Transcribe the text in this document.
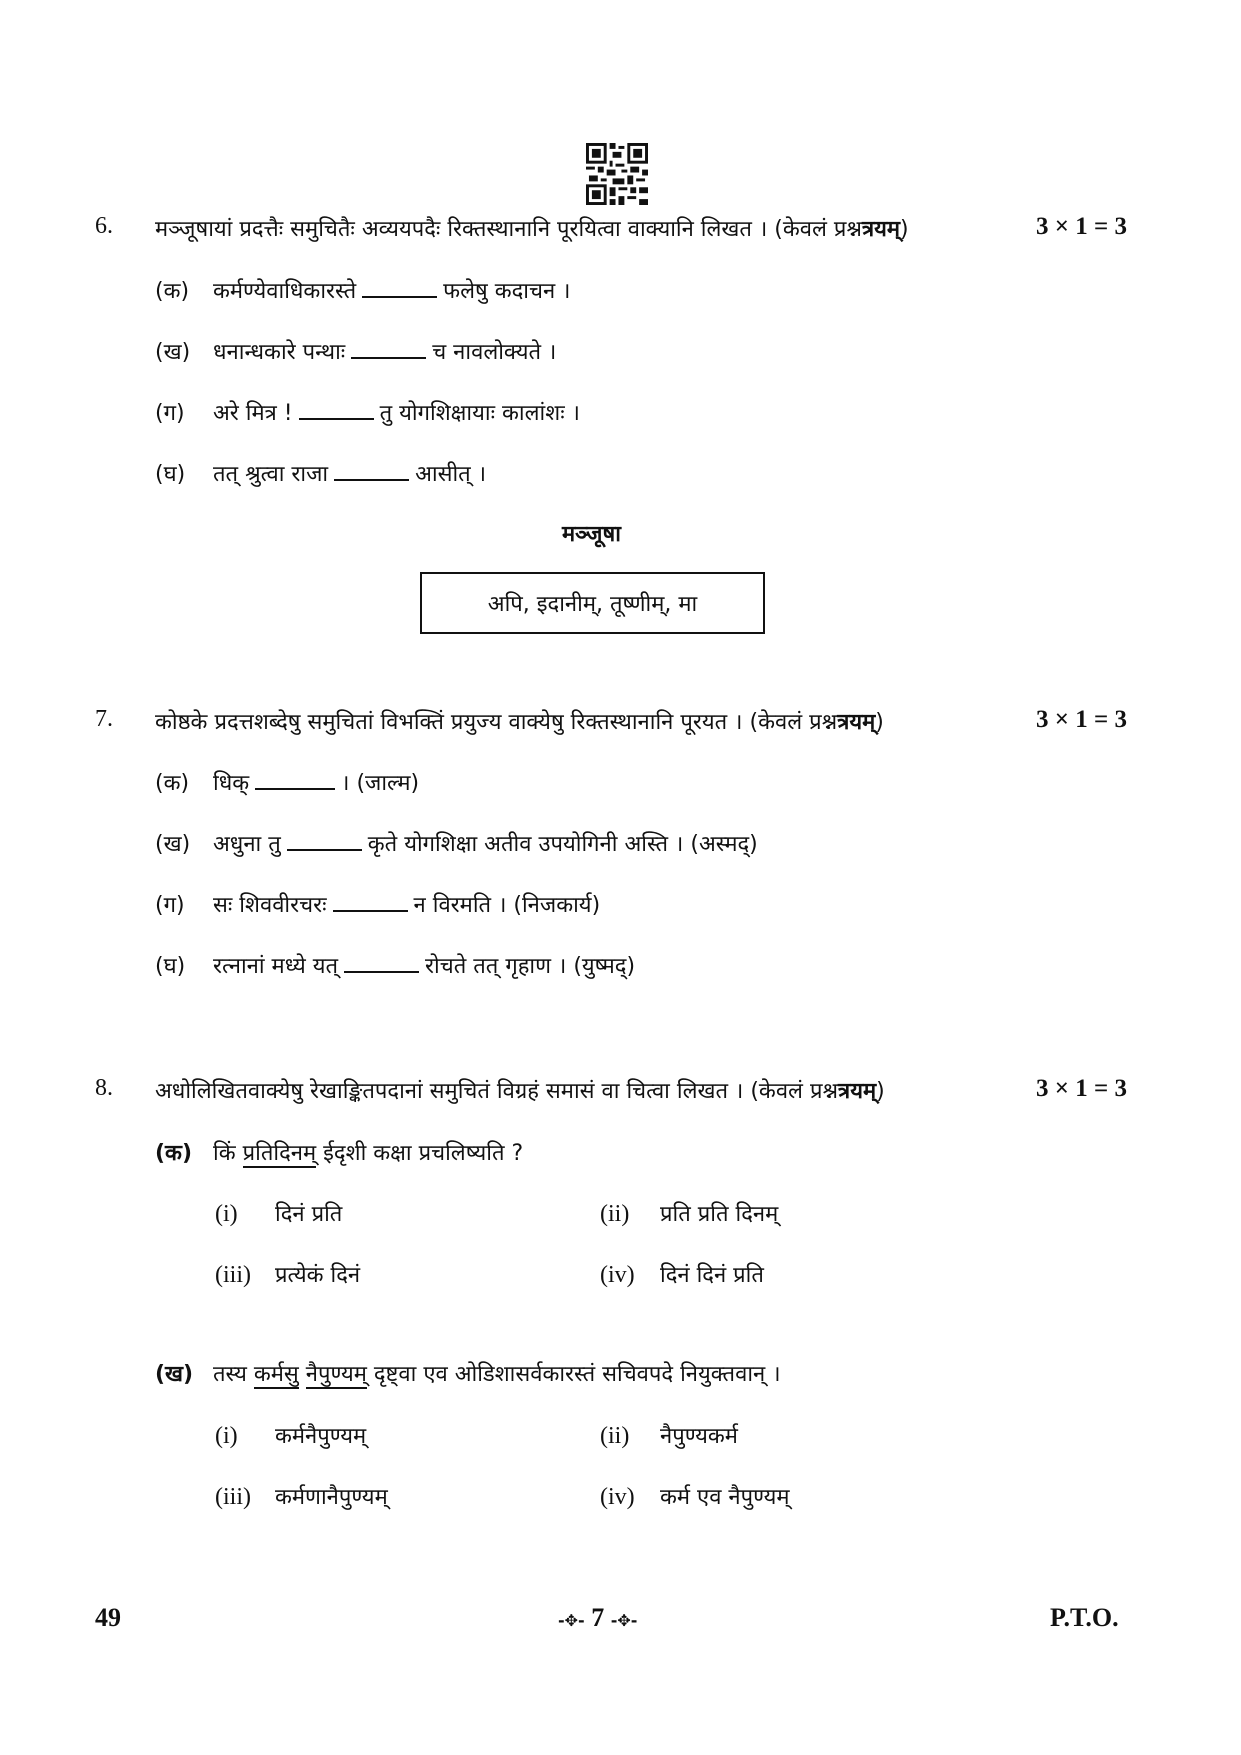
6. मञ्जूषायां प्रदत्तैः समुचितैः अव्ययपदैः रिक्तस्थानानि पूरयित्वा वाक्यानि लिखत । (केवलं प्रश्नत्रयम्)	3 × 1 = 3
(क) कर्मण्येवाधिकारस्ते	फलेषु कदाचन ।
(ख) धनान्धकारे पन्थाः	च नावलोक्यते ।
(ग) अरे मित्र !	तु योगशिक्षायाः कालांशः ।
(घ) तत् श्रुत्वा राजा	आसीत् ।
मञ्जूषा
अपि, इदानीम्, तूष्णीम्, मा
7. कोष्ठके प्रदत्तशब्देषु समुचितां विभक्तिं प्रयुज्य वाक्येषु रिक्तस्थानानि पूरयत । (केवलं प्रश्नत्रयम्)	3 × 1 = 3
(क) धिक्	। (जाल्म)
(ख) अधुना तु	कृते योगशिक्षा अतीव उपयोगिनी अस्ति । (अस्मद्)
(ग) सः शिववीरचरः	न विरमति । (निजकार्य)
(घ) रत्नानां मध्ये यत्	रोचते तत् गृहाण । (युष्मद्)
8. अधोलिखितवाक्येषु रेखाङ्कितपदानां समुचितं विग्रहं समासं वा चित्वा लिखत । (केवलं प्रश्नत्रयम्)	3 × 1 = 3
(क) किं प्रतिदिनम् ईदृशी कक्षा प्रचलिष्यति ?
(i) दिनं प्रति	(ii) प्रति प्रति दिनम्
(iii) प्रत्येकं दिनं	(iv) दिनं दिनं प्रति
(ख) तस्य कर्मसु नैपुण्यम् दृष्ट्वा एव ओडिशासर्वकारस्तं सचिवपदे नियुक्तवान् ।
(i) कर्मनैपुण्यम्	(ii) नैपुण्यकर्म
(iii) कर्मणानैपुण्यम्	(iv) कर्म एव नैपुण्यम्
49	-✥- 7 -✥-	P.T.O.
